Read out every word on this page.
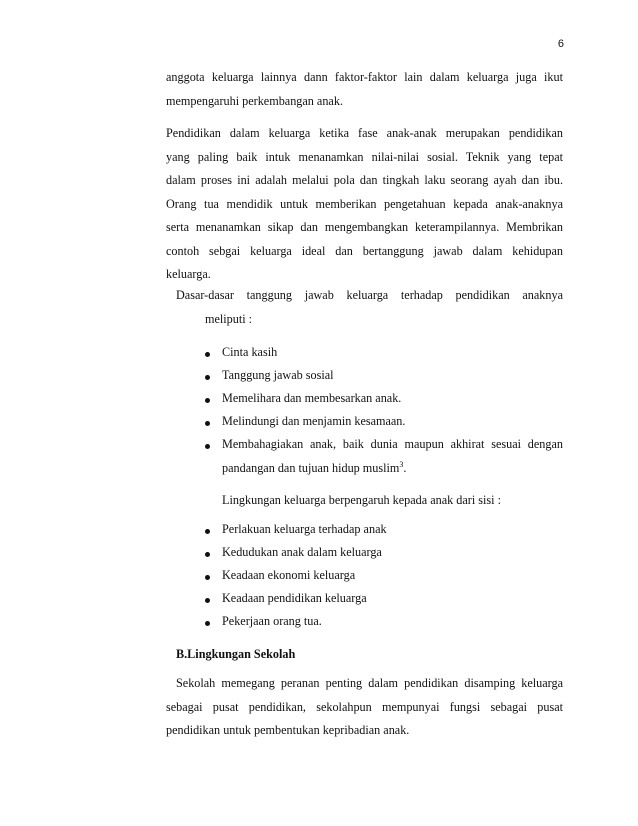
6
anggota keluarga lainnya dann faktor-faktor lain dalam keluarga juga ikut
mempengaruhi perkembangan anak.
Pendidikan dalam keluarga ketika fase anak-anak merupakan pendidikan
yang paling baik intuk menanamkan nilai-nilai sosial. Teknik yang tepat
dalam proses ini adalah melalui pola dan tingkah laku seorang ayah dan ibu.
Orang tua mendidik untuk memberikan pengetahuan kepada anak-anaknya
serta menanamkan sikap dan mengembangkan keterampilannya. Membrikan
contoh sebgai keluarga ideal dan bertanggung jawab dalam kehidupan
keluarga.
Dasar-dasar tanggung jawab keluarga terhadap pendidikan anaknya
meliputi :
Cinta kasih
Tanggung jawab sosial
Memelihara dan membesarkan anak.
Melindungi dan menjamin kesamaan.
Membahagiakan anak, baik dunia maupun akhirat sesuai dengan
pandangan dan tujuan hidup muslim$^3$.
Lingkungan keluarga berpengaruh kepada anak dari sisi :
Perlakuan keluarga terhadap anak
Kedudukan anak dalam keluarga
Keadaan ekonomi keluarga
Keadaan pendidikan keluarga
Pekerjaan orang tua.
B.Lingkungan Sekolah
Sekolah memegang peranan penting dalam pendidikan disamping keluarga
sebagai pusat pendidikan, sekolahpun mempunyai fungsi sebagai pusat
pendidikan untuk pembentukan kepribadian anak.
